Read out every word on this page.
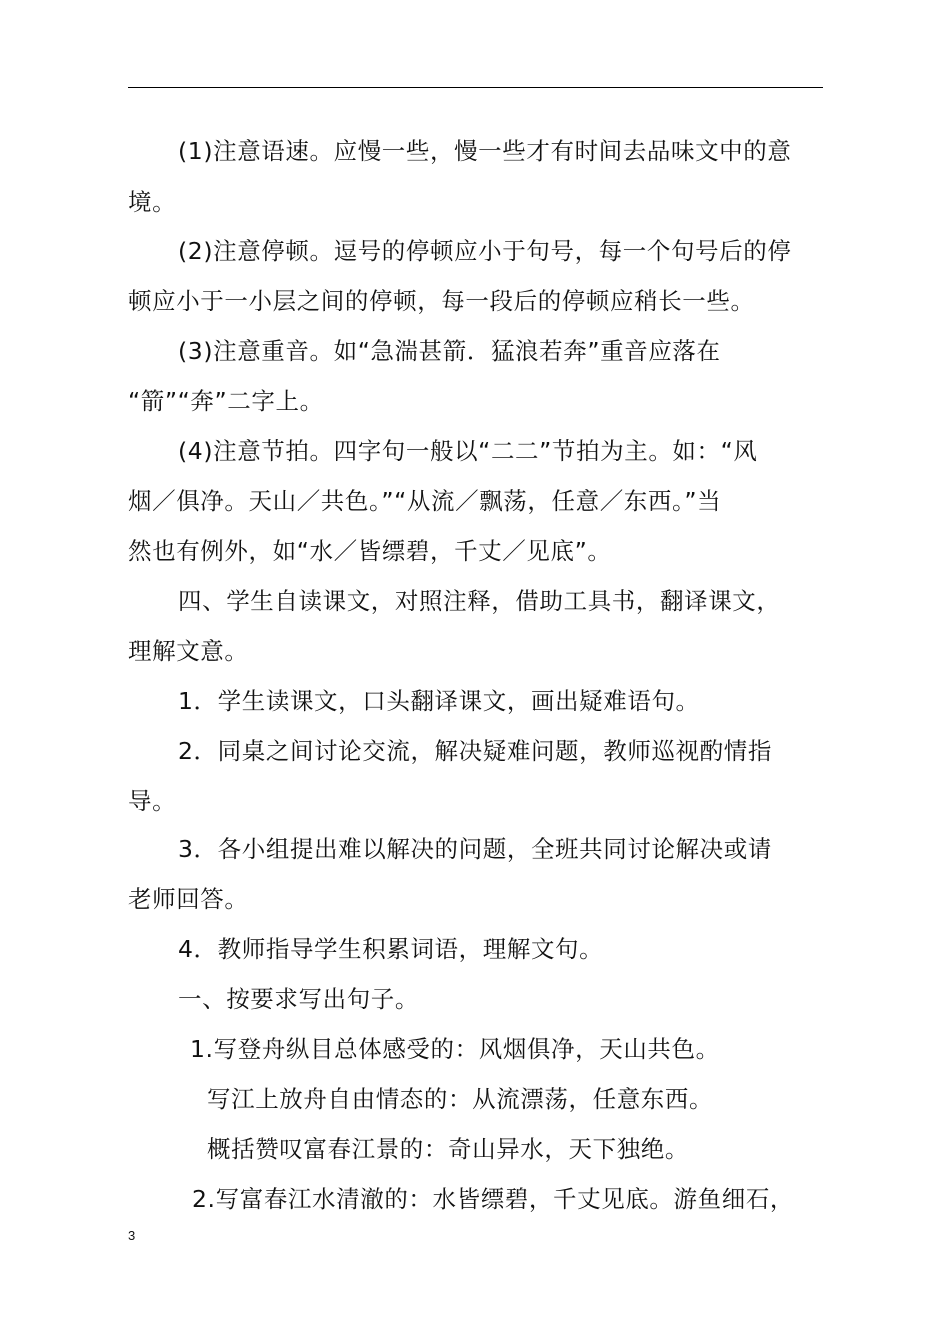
(1)注意语速。应慢一些，慢一些才有时间去品味文中的意
境。
(2)注意停顿。逗号的停顿应小于句号，每一个句号后的停
顿应小于一小层之间的停顿，每一段后的停顿应稍长一些。
(3)注意重音。如“急湍甚箭．猛浪若奔”重音应落在
“箭”“奔”二字上。
(4)注意节拍。四字句一般以“二二”节拍为主。如：“风
烟／俱净。天山／共色。”“从流／飘荡，任意／东西。”当
然也有例外，如“水／皆缥碧，千丈／见底”。
四、学生自读课文，对照注释，借助工具书，翻译课文，
理解文意。
1．学生读课文，口头翻译课文，画出疑难语句。
2．同桌之间讨论交流，解决疑难问题，教师巡视酌情指
导。
3．各小组提出难以解决的问题，全班共同讨论解决或请
老师回答。
4．教师指导学生积累词语，理解文句。
一、按要求写出句子。
1.写登舟纵目总体感受的：风烟俱净，天山共色。
写江上放舟自由情态的：从流漂荡，任意东西。
概括赞叹富春江景的：奇山异水，天下独绝。
2.写富春江水清澈的：水皆缥碧，千丈见底。游鱼细石，
3
